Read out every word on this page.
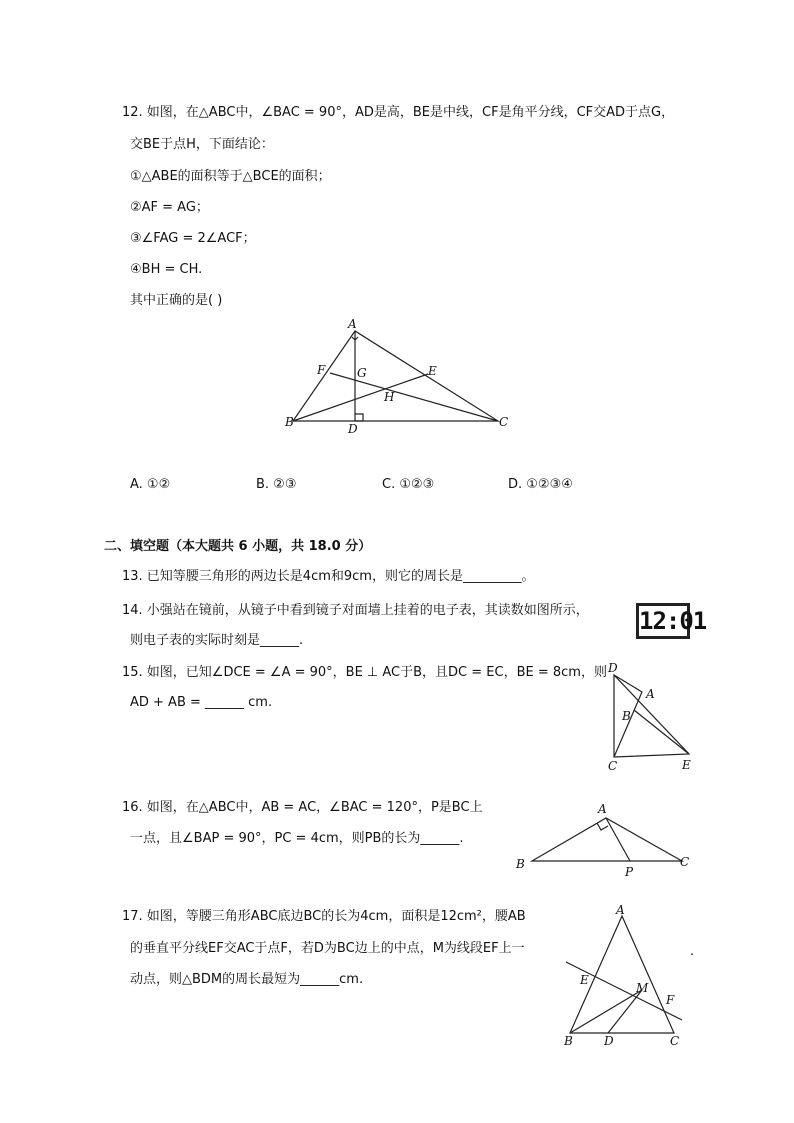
12. 如图，在△ABC中，∠BAC = 90°，AD是高，BE是中线，CF是角平分线，CF交AD于点G，
交BE于点H，下面结论：
①△ABE的面积等于△BCE的面积；
②AF = AG；
③∠FAG = 2∠ACF；
④BH = CH.
其中正确的是( )
A
B	C
D
E
F	G
H
A. ①②	B. ②③	C. ①②③	D. ①②③④
二、填空题（本大题共 6 小题，共 18.0 分）
13. 已知等腰三角形的两边长是4cm和9cm，则它的周长是_________。
14. 小强站在镜前，从镜子中看到镜子对面墙上挂着的电子表，其读数如图所示，
则电子表的实际时刻是______.
12:01
15. 如图，已知∠DCE = ∠A = 90°，BE ⊥ AC于B，且DC = EC，BE = 8cm，则
AD + AB = ______ cm.
D
A
B
C	E
16. 如图，在△ABC中，AB = AC，∠BAC = 120°，P是BC上
一点，且∠BAP = 90°，PC = 4cm，则PB的长为______.
A
B	C
P
17. 如图，等腰三角形ABC底边BC的长为4cm，面积是12cm²，腰AB
的垂直平分线EF交AC于点F，若D为BC边上的中点，M为线段EF上一
动点，则△BDM的周长最短为______cm.
.
A
B	C
D
E
F
M
